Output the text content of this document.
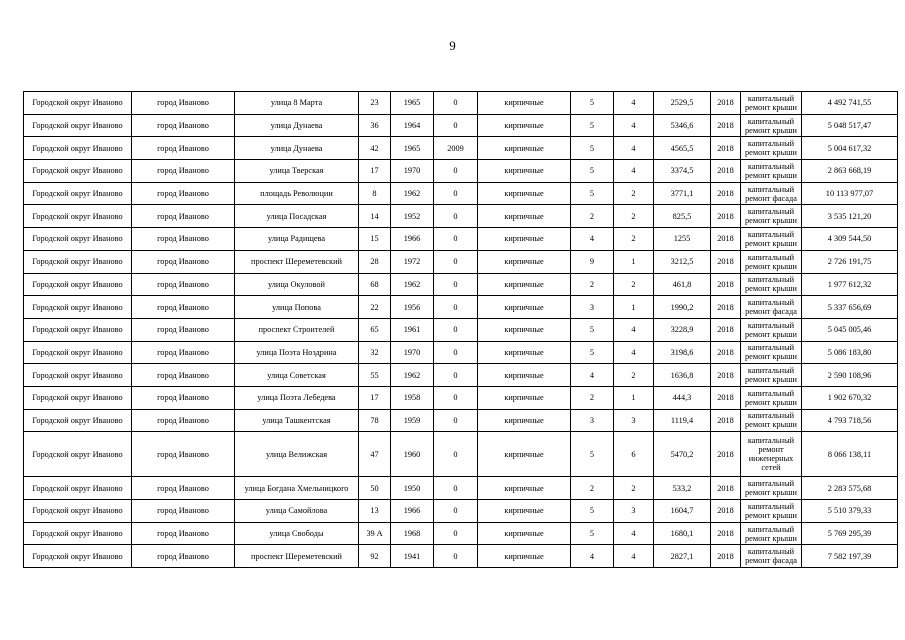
9
Городской округ Иваново	город Иваново	улица 8 Марта	23	1965	0	кирпичные	5	4	2529,5	2018	капитальный ремонт крыши	4 492 741,55
Городской округ Иваново	город Иваново	улица Дунаева	36	1964	0	кирпичные	5	4	5346,6	2018	капитальный ремонт крыши	5 048 517,47
Городской округ Иваново	город Иваново	улица Дунаева	42	1965	2009	кирпичные	5	4	4565,5	2018	капитальный ремонт крыши	5 004 617,32
Городской округ Иваново	город Иваново	улица Тверская	17	1970	0	кирпичные	5	4	3374,5	2018	капитальный ремонт крыши	2 863 668,19
Городской округ Иваново	город Иваново	площадь Революции	8	1962	0	кирпичные	5	2	3771,1	2018	капитальный ремонт фасада	10 113 977,07
Городской округ Иваново	город Иваново	улица Посадская	14	1952	0	кирпичные	2	2	825,5	2018	капитальный ремонт крыши	3 535 121,20
Городской округ Иваново	город Иваново	улица Радищева	15	1966	0	кирпичные	4	2	1255	2018	капитальный ремонт крыши	4 309 544,50
Городской округ Иваново	город Иваново	проспект Шереметевский	28	1972	0	кирпичные	9	1	3212,5	2018	капитальный ремонт крыши	2 726 191,75
Городской округ Иваново	город Иваново	улица Окуловой	68	1962	0	кирпичные	2	2	461,8	2018	капитальный ремонт крыши	1 977 612,32
Городской округ Иваново	город Иваново	улица Попова	22	1956	0	кирпичные	3	1	1990,2	2018	капитальный ремонт фасада	5 337 656,69
Городской округ Иваново	город Иваново	проспект Строителей	65	1961	0	кирпичные	5	4	3228,9	2018	капитальный ремонт крыши	5 045 005,46
Городской округ Иваново	город Иваново	улица Поэта Ноздрина	32	1970	0	кирпичные	5	4	3198,6	2018	капитальный ремонт крыши	5 086 183,80
Городской округ Иваново	город Иваново	улица Советская	55	1962	0	кирпичные	4	2	1636,8	2018	капитальный ремонт крыши	2 590 108,96
Городской округ Иваново	город Иваново	улица Поэта Лебедева	17	1958	0	кирпичные	2	1	444,3	2018	капитальный ремонт крыши	1 902 670,32
Городской округ Иваново	город Иваново	улица Ташкентская	78	1959	0	кирпичные	3	3	1119,4	2018	капитальный ремонт крыши	4 793 718,56
Городской округ Иваново	город Иваново	улица Велижская	47	1960	0	кирпичные	5	6	5470,2	2018	капитальный ремонт инженерных сетей	8 066 138,11
Городской округ Иваново	город Иваново	улица Богдана Хмельницкого	50	1950	0	кирпичные	2	2	533,2	2018	капитальный ремонт крыши	2 283 575,68
Городской округ Иваново	город Иваново	улица Самойлова	13	1966	0	кирпичные	5	3	1604,7	2018	капитальный ремонт крыши	5 510 379,33
Городской округ Иваново	город Иваново	улица Свободы	39 А	1968	0	кирпичные	5	4	1680,1	2018	капитальный ремонт крыши	5 769 295,39
Городской округ Иваново	город Иваново	проспект Шереметевский	92	1941	0	кирпичные	4	4	2827,1	2018	капитальный ремонт фасада	7 582 197,39
